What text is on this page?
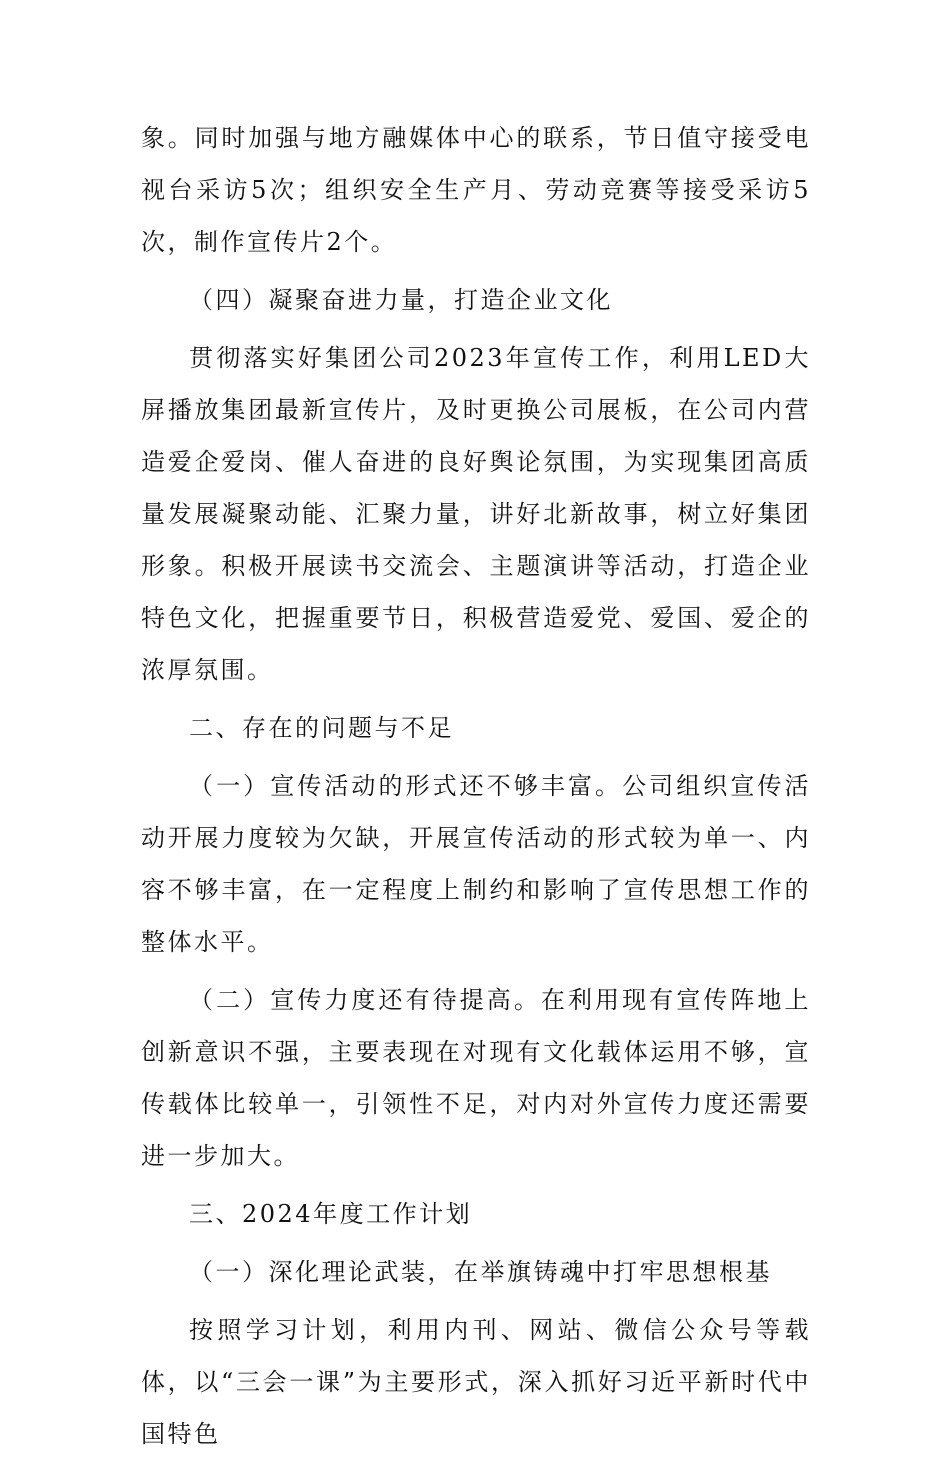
象。同时加强与地方融媒体中心的联系，节日值守接受电视台采访5次；组织安全生产月、劳动竞赛等接受采访5次，制作宣传片2个。

（四）凝聚奋进力量，打造企业文化

贯彻落实好集团公司2023年宣传工作，利用LED大屏播放集团最新宣传片，及时更换公司展板，在公司内营造爱企爱岗、催人奋进的良好舆论氛围，为实现集团高质量发展凝聚动能、汇聚力量，讲好北新故事，树立好集团形象。积极开展读书交流会、主题演讲等活动，打造企业特色文化，把握重要节日，积极营造爱党、爱国、爱企的浓厚氛围。

二、存在的问题与不足

（一）宣传活动的形式还不够丰富。公司组织宣传活动开展力度较为欠缺，开展宣传活动的形式较为单一、内容不够丰富，在一定程度上制约和影响了宣传思想工作的整体水平。

（二）宣传力度还有待提高。在利用现有宣传阵地上创新意识不强，主要表现在对现有文化载体运用不够，宣传载体比较单一，引领性不足，对内对外宣传力度还需要进一步加大。

三、2024年度工作计划

（一）深化理论武装，在举旗铸魂中打牢思想根基

按照学习计划，利用内刊、网站、微信公众号等载体，以“三会一课”为主要形式，深入抓好习近平新时代中国特色
